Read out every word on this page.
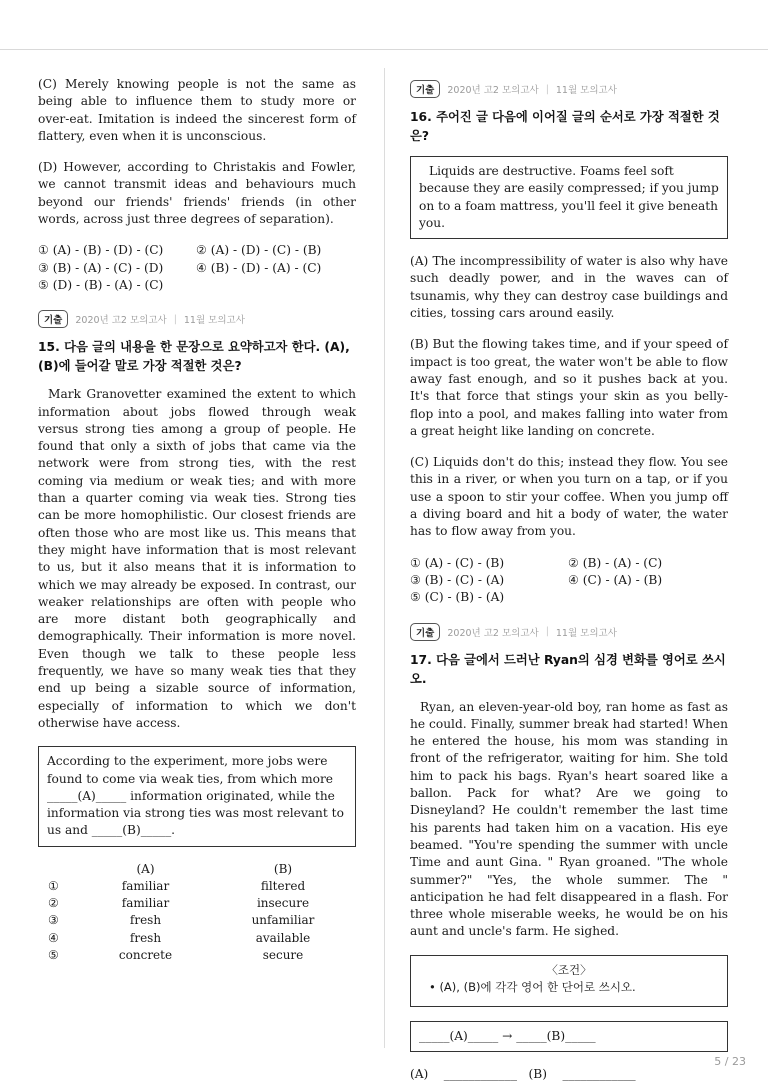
(C) Merely knowing people is not the same as being able to influence them to study more or over-eat. Imitation is indeed the sincerest form of flattery, even when it is unconscious.

(D) However, according to Christakis and Fowler, we cannot transmit ideas and behaviours much beyond our friends' friends' friends (in other words, across just three degrees of separation).

① (A) - (B) - (D) - (C)	② (A) - (D) - (C) - (B)
③ (B) - (A) - (C) - (D)	④ (B) - (D) - (A) - (C)
⑤ (D) - (B) - (A) - (C)
기출	2020년 고2 모의고사 | 11월 모의고사

15. 다음 글의 내용을 한 문장으로 요약하고자 한다. (A), (B)에 들어갈 말로 가장 적절한 것은?

Mark Granovetter examined the extent to which information about jobs flowed through weak versus strong ties among a group of people. He found that only a sixth of jobs that came via the network were from strong ties, with the rest coming via medium or weak ties; and with more than a quarter coming via weak ties. Strong ties can be more homophilistic. Our closest friends are often those who are most like us. This means that they might have information that is most relevant to us, but it also means that it is information to which we may already be exposed. In contrast, our weaker relationships are often with people who are more distant both geographically and demographically. Their information is more novel. Even though we talk to these people less frequently, we have so many weak ties that they end up being a sizable source of information, especially of information to which we don't otherwise have access.

According to the experiment, more jobs were found to come via weak ties, from which more _____(A)_____ information originated, while the information via strong ties was most relevant to us and _____(B)_____.

(A)	(B)
①	familiar	filtered
②	familiar	insecure
③	fresh	unfamiliar
④	fresh	available
⑤	concrete	secure
기출	2020년 고2 모의고사 | 11월 모의고사

16. 주어진 글 다음에 이어질 글의 순서로 가장 적절한 것은?

Liquids are destructive. Foams feel soft because they are easily compressed; if you jump on to a foam mattress, you'll feel it give beneath you.

(A) The incompressibility of water is also why have such deadly power, and in the waves can of tsunamis, why they can destroy case buildings and cities, tossing cars around easily.

(B) But the flowing takes time, and if your speed of impact is too great, the water won't be able to flow away fast enough, and so it pushes back at you. It's that force that stings your skin as you belly-flop into a pool, and makes falling into water from a great height like landing on concrete.

(C) Liquids don't do this; instead they flow. You see this in a river, or when you turn on a tap, or if you use a spoon to stir your coffee. When you jump off a diving board and hit a body of water, the water has to flow away from you.

① (A) - (C) - (B)	② (B) - (A) - (C)
③ (B) - (C) - (A)	④ (C) - (A) - (B)
⑤ (C) - (B) - (A)
기출	2020년 고2 모의고사 | 11월 모의고사

17. 다음 글에서 드러난 Ryan의 심경 변화를 영어로 쓰시오.

Ryan, an eleven-year-old boy, ran home as fast as he could. Finally, summer break had started! When he entered the house, his mom was standing in front of the refrigerator, waiting for him. She told him to pack his bags. Ryan's heart soared like a ballon. Pack for what? Are we going to Disneyland? He couldn't remember the last time his parents had taken him on a vacation. His eye beamed. "You're spending the summer with uncle Time and aunt Gina. " Ryan groaned. "The whole summer?" "Yes, the whole summer. The " anticipation he had felt disappeared in a flash. For three whole miserable weeks, he would be on his aunt and uncle's farm. He sighed.

〈조건〉
• (A), (B)에 각각 영어 한 단어로 쓰시오.

_____(A)_____ → _____(B)_____

(A)    ____________   (B)    ____________

5 / 23
